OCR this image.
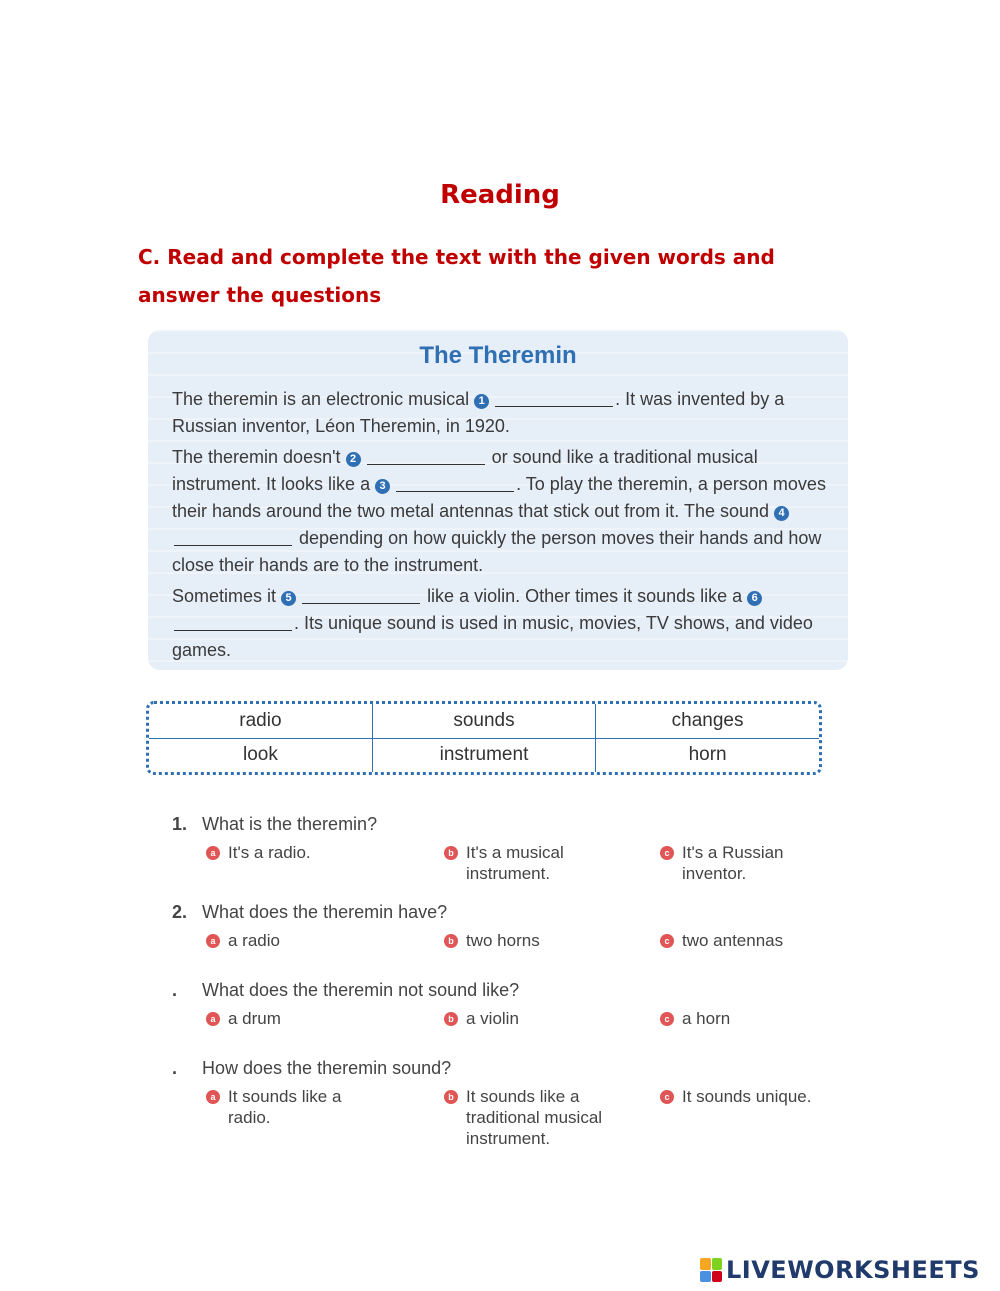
Reading
C. Read and complete the text with the given words and answer the questions
The Theremin

The theremin is an electronic musical 1	. It was invented by a Russian inventor, Léon Theremin, in 1920.

The theremin doesn't 2	or sound like a traditional musical instrument. It looks like a 3	. To play the theremin, a person moves their hands around the two metal antennas that stick out from it. The sound 4 depending on how quickly the person moves their hands and how close their hands are to the instrument.

Sometimes it 5	like a violin. Other times it sounds like a 6. Its unique sound is used in music, movies, TV shows, and video games.

radio	sounds	changes
look	instrument	horn
1. What is the theremin?
a It's a radio.	b It's a musical instrument.
c It's a Russian inventor.
2. What does the theremin have?
a a radio	b two horns	c two antennas
. What does the theremin not sound like?
a a drum	b a violin	c a horn
. How does the theremin sound?
a It sounds like a radio.
b It sounds like a traditional musical instrument.
c It sounds unique.
LIVEWORKSHEETS
